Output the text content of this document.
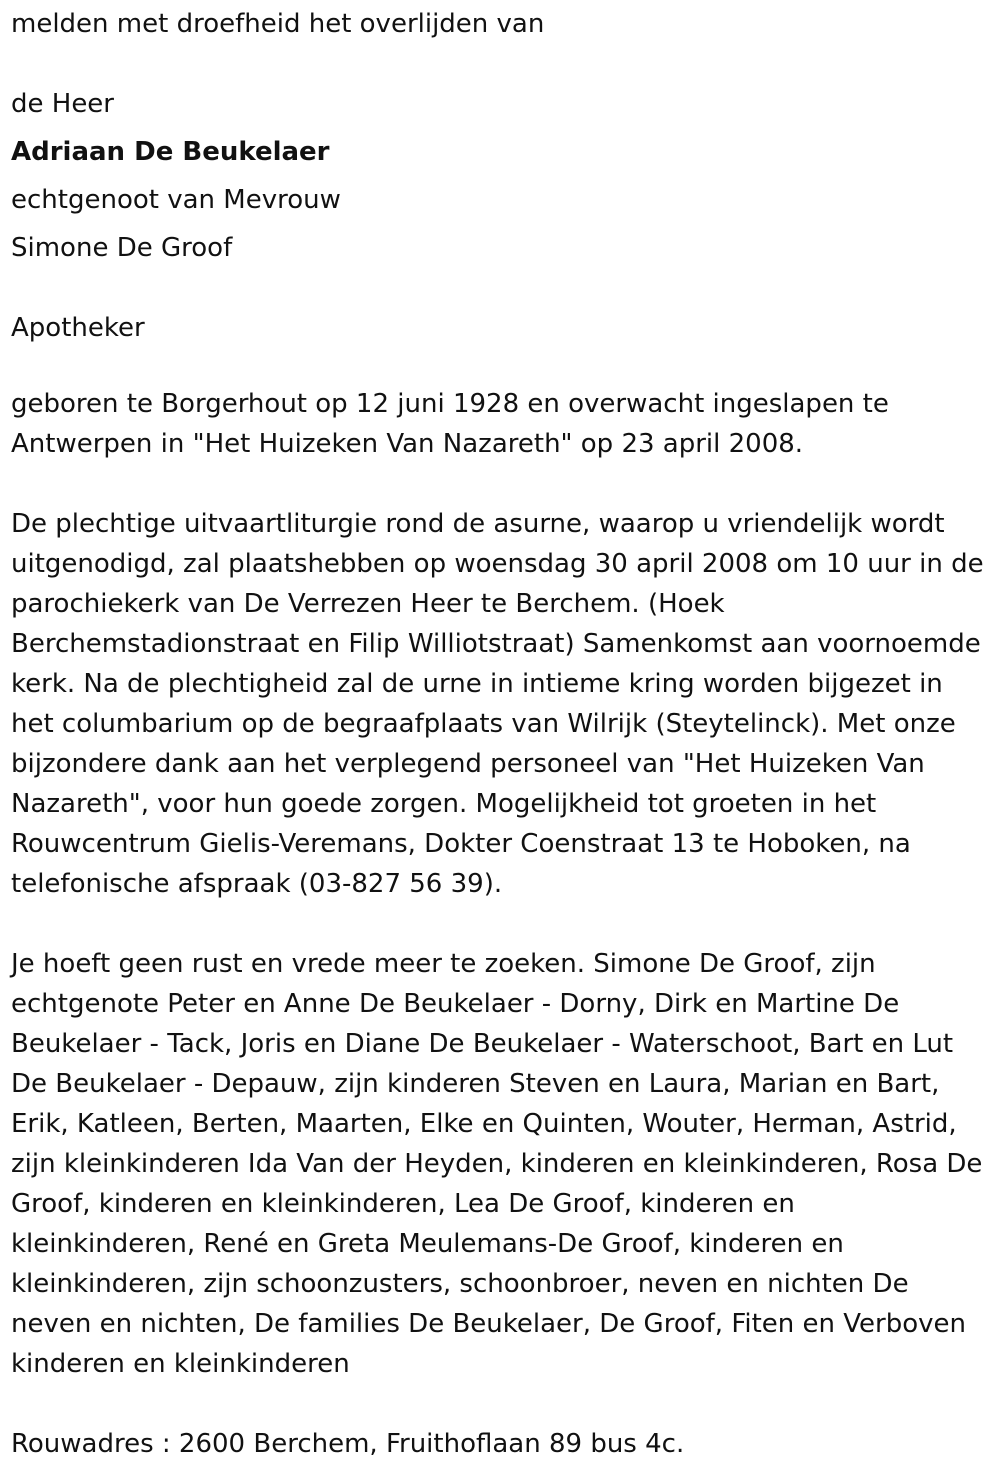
melden met droefheid het overlijden van

de Heer

Adriaan De Beukelaer

echtgenoot van Mevrouw

Simone De Groof

Apotheker

geboren te Borgerhout op 12 juni 1928 en overwacht ingeslapen te Antwerpen in "Het Huizeken Van Nazareth" op 23 april 2008.

De plechtige uitvaartliturgie rond de asurne, waarop u vriendelijk wordt uitgenodigd, zal plaatshebben op woensdag 30 april 2008 om 10 uur in de parochiekerk van De Verrezen Heer te Berchem. (Hoek Berchemstadionstraat en Filip Williotstraat) Samenkomst aan voornoemde kerk. Na de plechtigheid zal de urne in intieme kring worden bijgezet in het columbarium op de begraafplaats van Wilrijk (Steytelinck). Met onze bijzondere dank aan het verplegend personeel van "Het Huizeken Van Nazareth", voor hun goede zorgen. Mogelijkheid tot groeten in het Rouwcentrum Gielis-Veremans, Dokter Coenstraat 13 te Hoboken, na telefonische afspraak (03-827 56 39).

Je hoeft geen rust en vrede meer te zoeken. Simone De Groof, zijn echtgenote Peter en Anne De Beukelaer - Dorny, Dirk en Martine De Beukelaer - Tack, Joris en Diane De Beukelaer - Waterschoot, Bart en Lut De Beukelaer - Depauw, zijn kinderen Steven en Laura, Marian en Bart, Erik, Katleen, Berten, Maarten, Elke en Quinten, Wouter, Herman, Astrid, zijn kleinkinderen Ida Van der Heyden, kinderen en kleinkinderen, Rosa De Groof, kinderen en kleinkinderen, Lea De Groof, kinderen en kleinkinderen, René en Greta Meulemans-De Groof, kinderen en kleinkinderen, zijn schoonzusters, schoonbroer, neven en nichten De neven en nichten, De families De Beukelaer, De Groof, Fiten en Verboven kinderen en kleinkinderen

Rouwadres : 2600 Berchem, Fruithoflaan 89 bus 4c.
